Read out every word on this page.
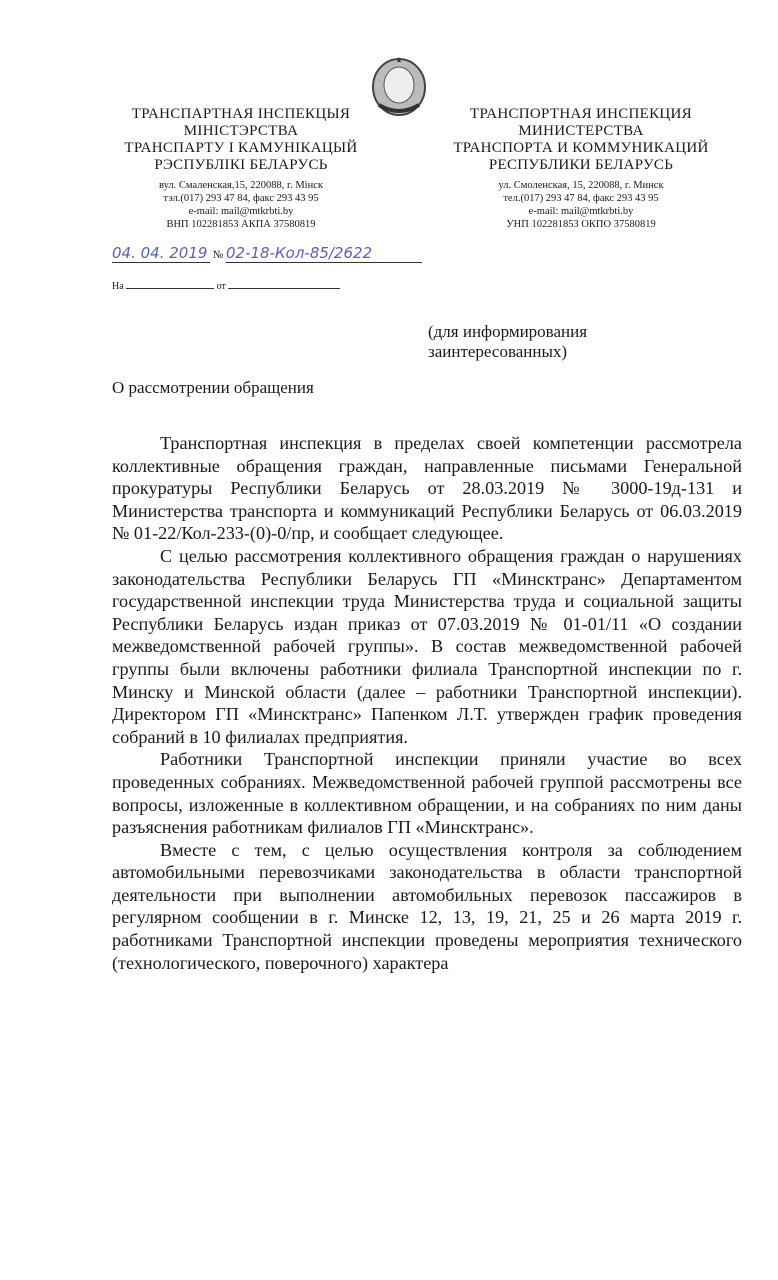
ТРАНСПАРТНАЯ ІНСПЕКЦЫЯ
МІНІСТЭРСТВА
ТРАНСПАРТУ І КАМУНІКАЦЫЙ
РЭСПУБЛІКІ БЕЛАРУСЬ
вул. Смаленская,15, 220088, г. Мінск
тэл.(017) 293 47 84, факс 293 43 95
e-mail: mail@mtkrbti.by
ВНП 102281853 АКПА 37580819
ТРАНСПОРТНАЯ ИНСПЕКЦИЯ
МИНИСТЕРСТВА
ТРАНСПОРТА И КОММУНИКАЦИЙ
РЕСПУБЛИКИ БЕЛАРУСЬ
ул. Смоленская, 15, 220088, г. Минск
тел.(017) 293 47 84, факс 293 43 95
e-mail: mail@mtkrbti.by
УНП 102281853 ОКПО 37580819
04. 04. 2019 № 02-18-Кол-85/2622
На	от
(для информирования
заинтересованных)
О рассмотрении обращения

Транспортная инспекция в пределах своей компетенции рассмотрела коллективные обращения граждан, направленные письмами Генеральной прокуратуры Республики Беларусь от 28.03.2019 № 3000-19д-131 и Министерства транспорта и коммуникаций Республики Беларусь от 06.03.2019 № 01-22/Кол-233-(0)-0/пр, и сообщает следующее.

С целью рассмотрения коллективного обращения граждан о нарушениях законодательства Республики Беларусь ГП «Минсктранс» Департаментом государственной инспекции труда Министерства труда и социальной защиты Республики Беларусь издан приказ от 07.03.2019 № 01-01/11 «О создании межведомственной рабочей группы». В состав межведомственной рабочей группы были включены работники филиала Транспортной инспекции по г. Минску и Минской области (далее – работники Транспортной инспекции). Директором ГП «Минсктранс» Папенком Л.Т. утвержден график проведения собраний в 10 филиалах предприятия.

Работники Транспортной инспекции приняли участие во всех проведенных собраниях. Межведомственной рабочей группой рассмотрены все вопросы, изложенные в коллективном обращении, и на собраниях по ним даны разъяснения работникам филиалов ГП «Минсктранс».

Вместе с тем, с целью осуществления контроля за соблюдением автомобильными перевозчиками законодательства в области транспортной деятельности при выполнении автомобильных перевозок пассажиров в регулярном сообщении в г. Минске 12, 13, 19, 21, 25 и 26 марта 2019 г. работниками Транспортной инспекции проведены мероприятия технического (технологического, поверочного) характера
